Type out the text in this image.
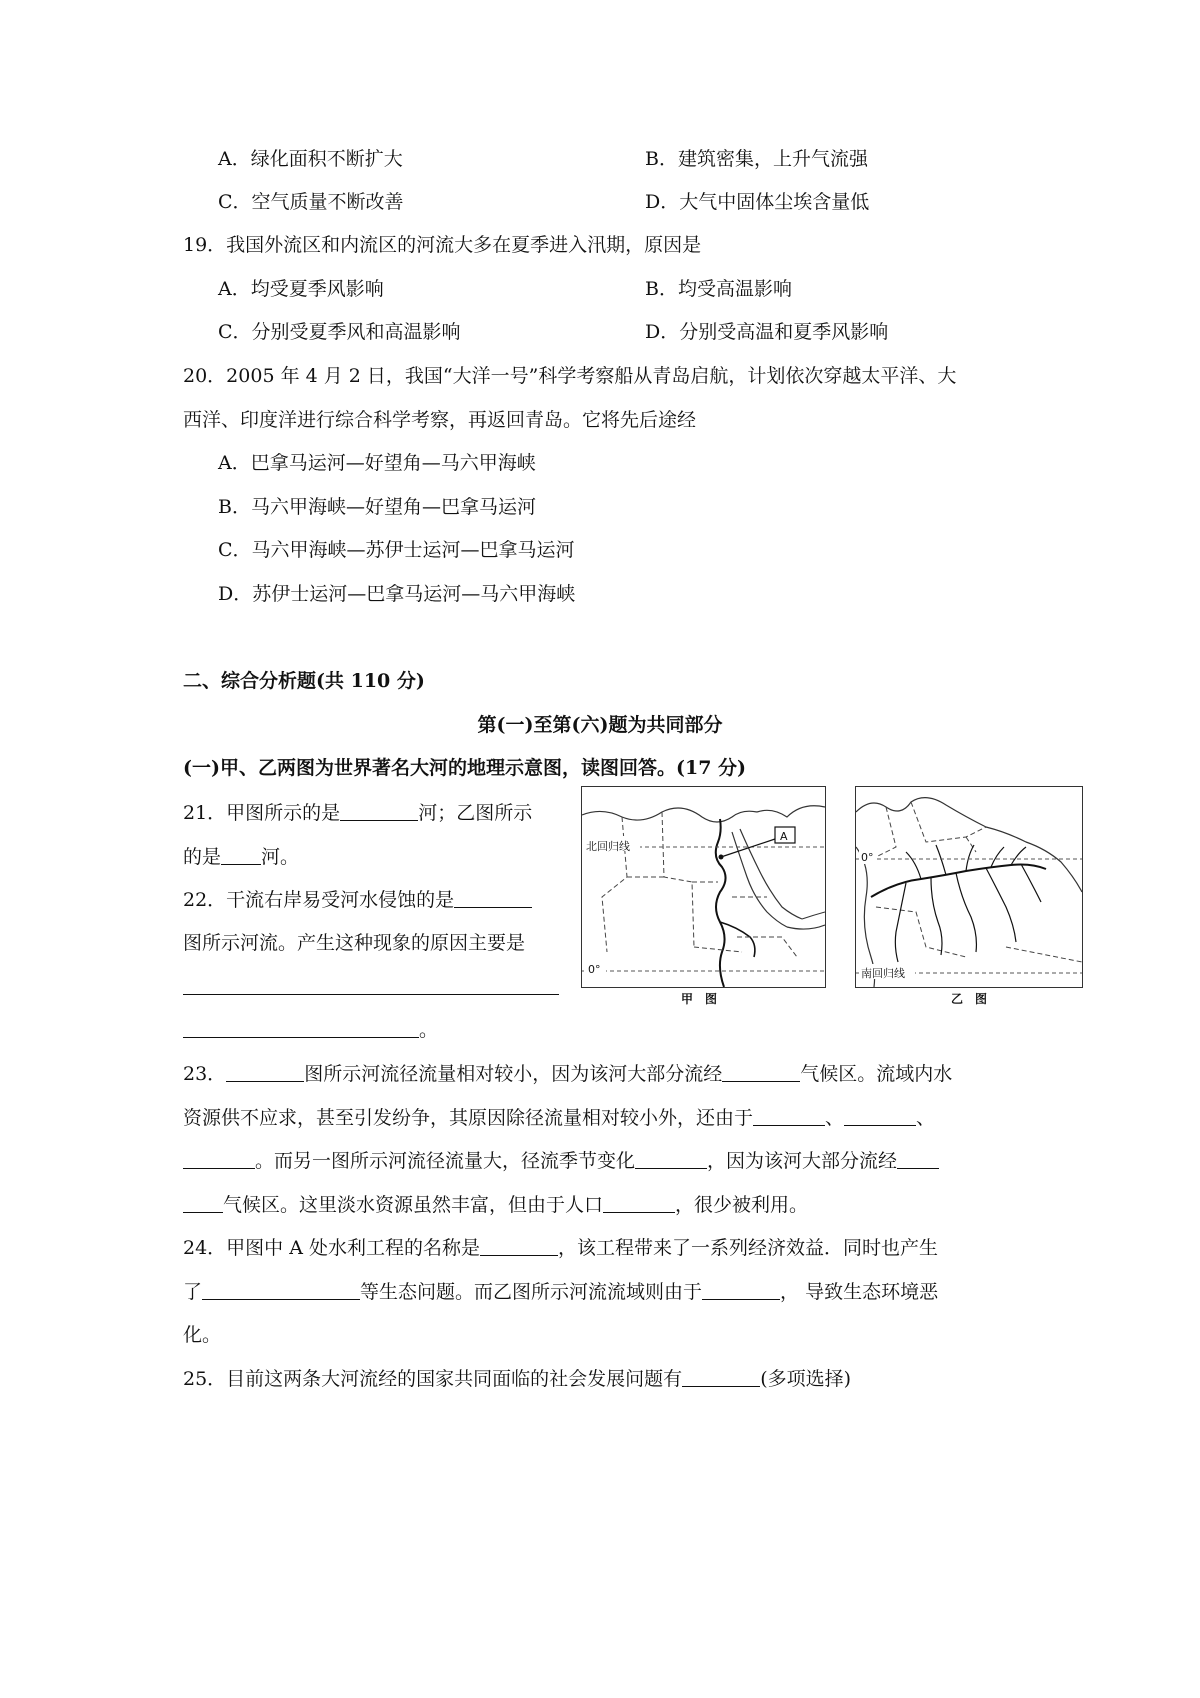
A．绿化面积不断扩大	B．建筑密集，上升气流强
C．空气质量不断改善	D．大气中固体尘埃含量低
19．我国外流区和内流区的河流大多在夏季进入汛期，原因是
A．均受夏季风影响	B．均受高温影响
C．分别受夏季风和高温影响	D．分别受高温和夏季风影响
20．2005 年 4 月 2 日，我国“大洋一号”科学考察船从青岛启航，计划依次穿越太平洋、大
西洋、印度洋进行综合科学考察，再返回青岛。它将先后途经
A．巴拿马运河—好望角—马六甲海峡
B．马六甲海峡—好望角—巴拿马运河
C．马六甲海峡—苏伊士运河—巴拿马运河
D．苏伊士运河—巴拿马运河—马六甲海峡
二、综合分析题(共 110 分)
第(一)至第(六)题为共同部分
(一)甲、乙两图为世界著名大河的地理示意图，读图回答。(17 分)
21．甲图所示的是	河；乙图所示
的是 河。
22．干流右岸易受河水侵蚀的是
图所示河流。产生这种现象的原因主要是
。
A
北回归线
0°
甲　图
0°
南回归线
乙　图
23．	图所示河流径流量相对较小，因为该河大部分流经	气候区。流域内水
资源供不应求，甚至引发纷争，其原因除径流量相对较小外，还由于	、	、
。而另一图所示河流径流量大，径流季节变化	，因为该河大部分流经
气候区。这里淡水资源虽然丰富，但由于人口	，很少被利用。
24．甲图中 A 处水利工程的名称是	，该工程带来了一系列经济效益．同时也产生
了	等生态问题。而乙图所示河流流域则由于	， 导致生态环境恶
化。
25．目前这两条大河流经的国家共同面临的社会发展问题有	(多项选择)
